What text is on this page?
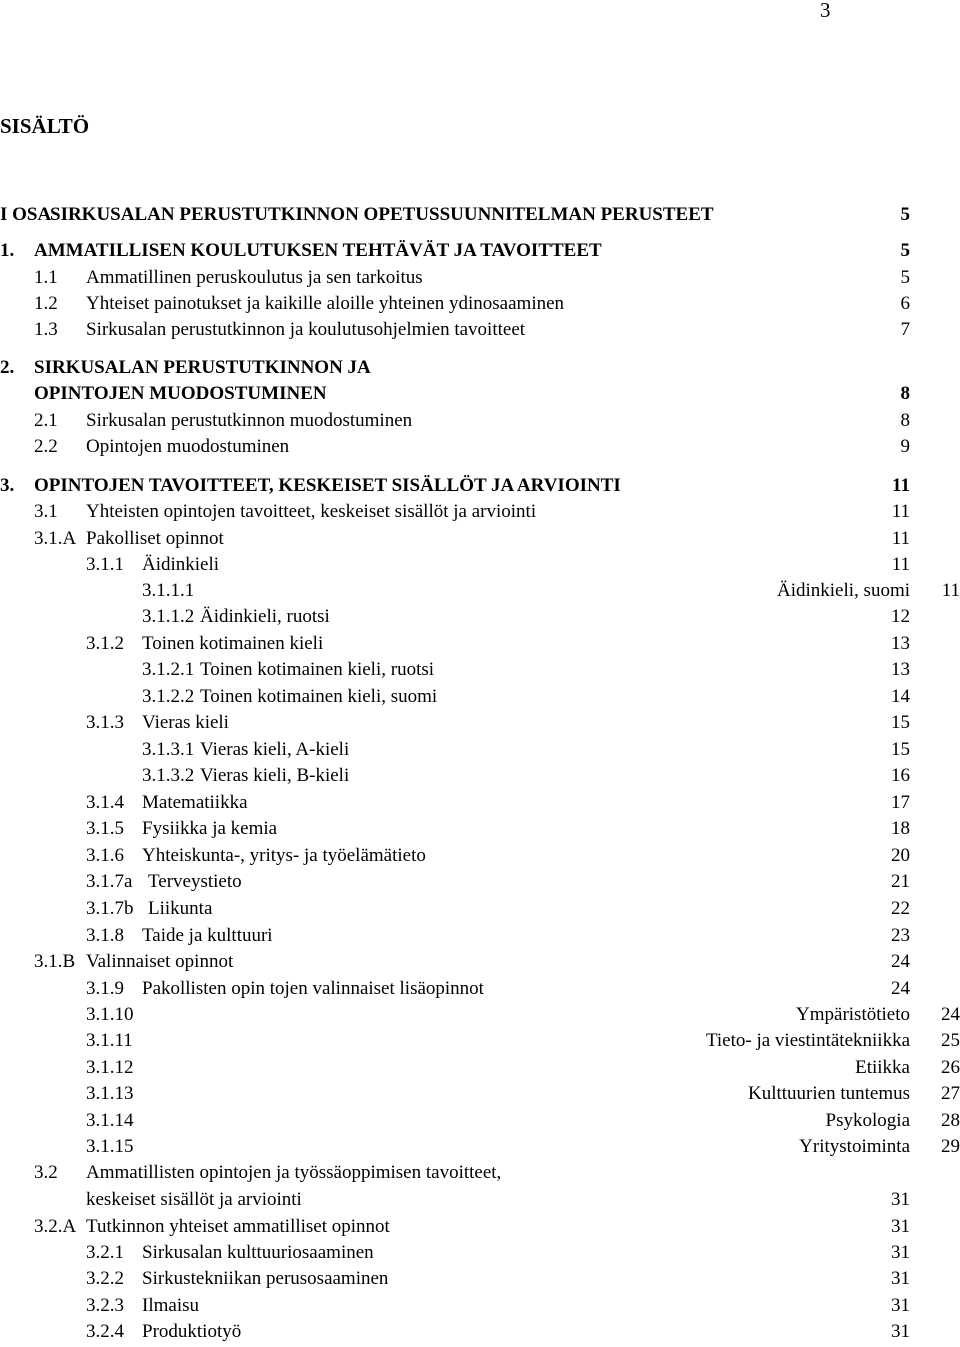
3
SISÄLTÖ
I OSA
SIRKUSALAN PERUSTUTKINNON OPETUSSUUNNITELMAN PERUSTEET	5
1. AMMATILLISEN KOULUTUKSEN TEHTÄVÄT JA TAVOITTEET	5
1.1 Ammatillinen peruskoulutus ja sen tarkoitus	5
1.2 Yhteiset painotukset ja kaikille aloille yhteinen ydinosaaminen	6
1.3 Sirkusalan perustutkinnon ja koulutusohjelmien tavoitteet	7
2. SIRKUSALAN PERUSTUTKINNON JA
OPINTOJEN MUODOSTUMINEN	8
2.1 Sirkusalan perustutkinnon muodostuminen	8
2.2 Opintojen muodostuminen	9
3. OPINTOJEN TAVOITTEET, KESKEISET SISÄLLÖT JA ARVIOINTI	11
3.1 Yhteisten opintojen tavoitteet, keskeiset sisällöt ja arviointi	11
3.1.A Pakolliset opinnot	11
3.1.1 Äidinkieli	11
3.1.1.1	Äidinkieli, suomi 11
3.1.1.2 Äidinkieli, ruotsi	12
3.1.2 Toinen kotimainen kieli	13
3.1.2.1 Toinen kotimainen kieli, ruotsi	13
3.1.2.2 Toinen kotimainen kieli, suomi	14
3.1.3 Vieras kieli	15
3.1.3.1 Vieras kieli, A-kieli	15
3.1.3.2 Vieras kieli, B-kieli	16
3.1.4 Matematiikka	17
3.1.5 Fysiikka ja kemia	18
3.1.6 Yhteiskunta-, yritys- ja työelämätieto	20
3.1.7a Terveystieto	21
3.1.7b Liikunta	22
3.1.8 Taide ja kulttuuri	23
3.1.B Valinnaiset opinnot	24
3.1.9 Pakollisten opin tojen valinnaiset lisäopinnot	24
3.1.10	Ympäristötieto 24
3.1.11	Tieto- ja viestintätekniikka 25
3.1.12	Etiikka 26
3.1.13	Kulttuurien tuntemus 27
3.1.14	Psykologia 28
3.1.15	Yritystoiminta 29
3.2 Ammatillisten opintojen ja työssäoppimisen tavoitteet,
keskeiset sisällöt ja arviointi	31
3.2.A Tutkinnon yhteiset ammatilliset opinnot	31
3.2.1 Sirkusalan kulttuuriosaaminen	31
3.2.2 Sirkustekniikan perusosaaminen	31
3.2.3 Ilmaisu	31
3.2.4 Produktiotyö	31
